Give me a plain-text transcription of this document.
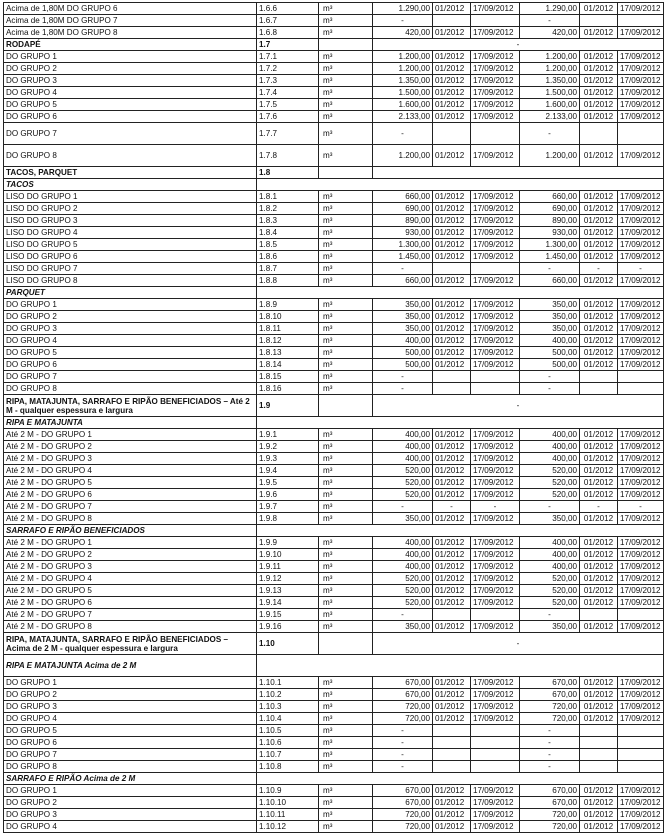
Acima de 1,80M DO GRUPO 6	1.6.6	m³	1.290,00	01/2012	17/09/2012	1.290,00	01/2012	17/09/2012
Acima de 1,80M DO GRUPO 7	1.6.7	m³	-			-		
Acima de 1,80M DO GRUPO 8	1.6.8	m³	420,00	01/2012	17/09/2012	420,00	01/2012	17/09/2012
RODAPÉ	1.7		-					
DO GRUPO 1	1.7.1	m³	1.200,00	01/2012	17/09/2012	1.200,00	01/2012	17/09/2012
DO GRUPO 2	1.7.2	m³	1.200,00	01/2012	17/09/2012	1.200,00	01/2012	17/09/2012
DO GRUPO 3	1.7.3	m³	1.350,00	01/2012	17/09/2012	1.350,00	01/2012	17/09/2012
DO GRUPO 4	1.7.4	m³	1.500,00	01/2012	17/09/2012	1.500,00	01/2012	17/09/2012
DO GRUPO 5	1.7.5	m³	1.600,00	01/2012	17/09/2012	1.600,00	01/2012	17/09/2012
DO GRUPO 6	1.7.6	m³	2.133,00	01/2012	17/09/2012	2.133,00	01/2012	17/09/2012
DO GRUPO 7	1.7.7	m³	-			-		
DO GRUPO 8	1.7.8	m³	1.200,00	01/2012	17/09/2012	1.200,00	01/2012	17/09/2012
TACOS, PARQUET	1.8							
TACOS								
LISO DO GRUPO 1	1.8.1	m³	660,00	01/2012	17/09/2012	660,00	01/2012	17/09/2012
LISO DO GRUPO 2	1.8.2	m³	690,00	01/2012	17/09/2012	690,00	01/2012	17/09/2012
LISO DO GRUPO 3	1.8.3	m³	890,00	01/2012	17/09/2012	890,00	01/2012	17/09/2012
LISO DO GRUPO 4	1.8.4	m³	930,00	01/2012	17/09/2012	930,00	01/2012	17/09/2012
LISO DO GRUPO 5	1.8.5	m³	1.300,00	01/2012	17/09/2012	1.300,00	01/2012	17/09/2012
LISO DO GRUPO 6	1.8.6	m³	1.450,00	01/2012	17/09/2012	1.450,00	01/2012	17/09/2012
LISO DO GRUPO 7	1.8.7	m³	-			-	-	-
LISO DO GRUPO 8	1.8.8	m³	660,00	01/2012	17/09/2012	660,00	01/2012	17/09/2012
PARQUET								
DO GRUPO 1	1.8.9	m³	350,00	01/2012	17/09/2012	350,00	01/2012	17/09/2012
DO GRUPO 2	1.8.10	m³	350,00	01/2012	17/09/2012	350,00	01/2012	17/09/2012
DO GRUPO 3	1.8.11	m³	350,00	01/2012	17/09/2012	350,00	01/2012	17/09/2012
DO GRUPO 4	1.8.12	m³	400,00	01/2012	17/09/2012	400,00	01/2012	17/09/2012
DO GRUPO 5	1.8.13	m³	500,00	01/2012	17/09/2012	500,00	01/2012	17/09/2012
DO GRUPO 6	1.8.14	m³	500,00	01/2012	17/09/2012	500,00	01/2012	17/09/2012
DO GRUPO 7	1.8.15	m³	-			-		
DO GRUPO 8	1.8.16	m³	-			-		
RIPA, MATAJUNTA, SARRAFO E RIPÃO BENEFICIADOS – Até 2 M - qualquer espessura e largura	1.9		-					
RIPA E MATAJUNTA								
Até 2 M - DO GRUPO 1	1.9.1	m³	400,00	01/2012	17/09/2012	400,00	01/2012	17/09/2012
Até 2 M - DO GRUPO 2	1.9.2	m³	400,00	01/2012	17/09/2012	400,00	01/2012	17/09/2012
Até 2 M - DO GRUPO 3	1.9.3	m³	400,00	01/2012	17/09/2012	400,00	01/2012	17/09/2012
Até 2 M - DO GRUPO 4	1.9.4	m³	520,00	01/2012	17/09/2012	520,00	01/2012	17/09/2012
Até 2 M - DO GRUPO 5	1.9.5	m³	520,00	01/2012	17/09/2012	520,00	01/2012	17/09/2012
Até 2 M - DO GRUPO 6	1.9.6	m³	520,00	01/2012	17/09/2012	520,00	01/2012	17/09/2012
Até 2 M - DO GRUPO 7	1.9.7	m³	-	-	-	-	-	-
Até 2 M - DO GRUPO 8	1.9.8	m³	350,00	01/2012	17/09/2012	350,00	01/2012	17/09/2012
SARRAFO E RIPÃO BENEFICIADOS								
Até 2 M - DO GRUPO 1	1.9.9	m³	400,00	01/2012	17/09/2012	400,00	01/2012	17/09/2012
Até 2 M - DO GRUPO 2	1.9.10	m³	400,00	01/2012	17/09/2012	400,00	01/2012	17/09/2012
Até 2 M - DO GRUPO 3	1.9.11	m³	400,00	01/2012	17/09/2012	400,00	01/2012	17/09/2012
Até 2 M - DO GRUPO 4	1.9.12	m³	520,00	01/2012	17/09/2012	520,00	01/2012	17/09/2012
Até 2 M - DO GRUPO 5	1.9.13	m³	520,00	01/2012	17/09/2012	520,00	01/2012	17/09/2012
Até 2 M - DO GRUPO 6	1.9.14	m³	520,00	01/2012	17/09/2012	520,00	01/2012	17/09/2012
Até 2 M - DO GRUPO 7	1.9.15	m³	-			-		
Até 2 M - DO GRUPO 8	1.9.16	m³	350,00	01/2012	17/09/2012	350,00	01/2012	17/09/2012
RIPA, MATAJUNTA, SARRAFO E RIPÃO BENEFICIADOS – Acima de 2 M - qualquer espessura e largura	1.10		-					
RIPA E MATAJUNTA Acima de 2 M								
DO GRUPO 1	1.10.1	m³	670,00	01/2012	17/09/2012	670,00	01/2012	17/09/2012
DO GRUPO 2	1.10.2	m³	670,00	01/2012	17/09/2012	670,00	01/2012	17/09/2012
DO GRUPO 3	1.10.3	m³	720,00	01/2012	17/09/2012	720,00	01/2012	17/09/2012
DO GRUPO 4	1.10.4	m³	720,00	01/2012	17/09/2012	720,00	01/2012	17/09/2012
DO GRUPO 5	1.10.5	m³	-			-		
DO GRUPO 6	1.10.6	m³	-			-		
DO GRUPO 7	1.10.7	m³	-			-		
DO GRUPO 8	1.10.8	m³	-			-		
SARRAFO E RIPÃO Acima de 2 M								
DO GRUPO 1	1.10.9	m³	670,00	01/2012	17/09/2012	670,00	01/2012	17/09/2012
DO GRUPO 2	1.10.10	m³	670,00	01/2012	17/09/2012	670,00	01/2012	17/09/2012
DO GRUPO 3	1.10.11	m³	720,00	01/2012	17/09/2012	720,00	01/2012	17/09/2012
DO GRUPO 4	1.10.12	m³	720,00	01/2012	17/09/2012	720,00	01/2012	17/09/2012
